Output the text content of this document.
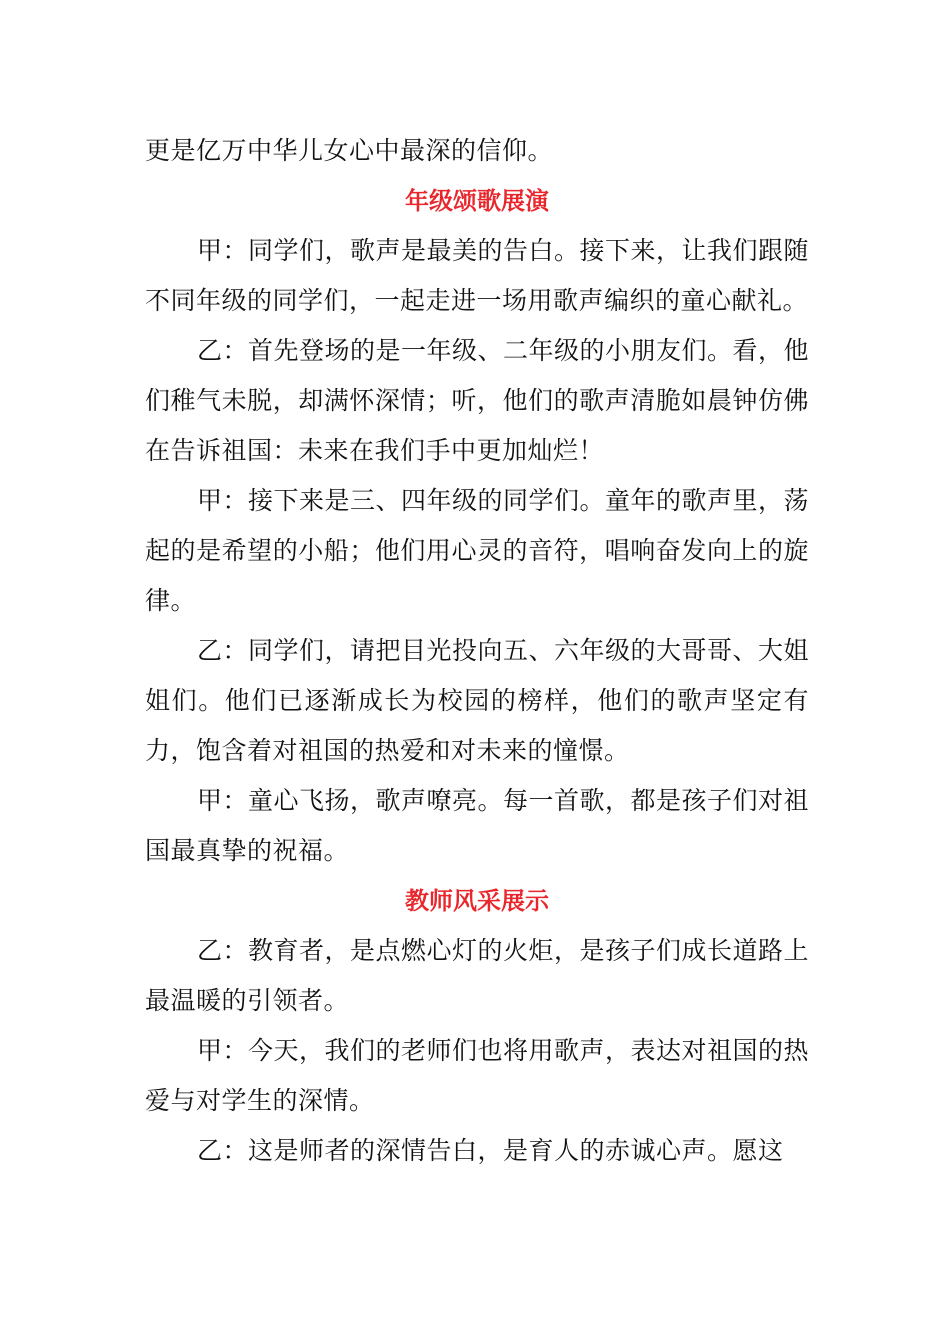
更是亿万中华儿女心中最深的信仰。

年级颂歌展演

甲：同学们，歌声是最美的告白。接下来，让我们跟随不同年级的同学们，一起走进一场用歌声编织的童心献礼。

乙：首先登场的是一年级、二年级的小朋友们。看，他们稚气未脱，却满怀深情；听，他们的歌声清脆如晨钟仿佛在告诉祖国：未来在我们手中更加灿烂！

甲：接下来是三、四年级的同学们。童年的歌声里，荡起的是希望的小船；他们用心灵的音符，唱响奋发向上的旋律。

乙：同学们，请把目光投向五、六年级的大哥哥、大姐姐们。他们已逐渐成长为校园的榜样，他们的歌声坚定有力，饱含着对祖国的热爱和对未来的憧憬。

甲：童心飞扬，歌声嘹亮。每一首歌，都是孩子们对祖国最真挚的祝福。

教师风采展示

乙：教育者，是点燃心灯的火炬，是孩子们成长道路上最温暖的引领者。

甲：今天，我们的老师们也将用歌声，表达对祖国的热爱与对学生的深情。

乙：这是师者的深情告白，是育人的赤诚心声。愿这
